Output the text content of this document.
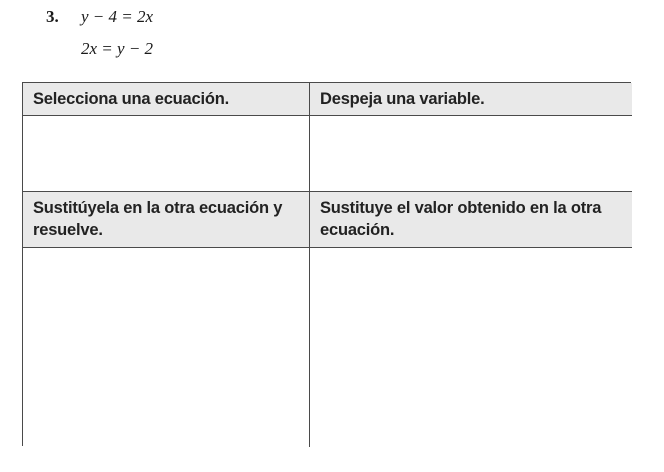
3. y − 4 = 2x
2x = y − 2
Selecciona una ecuación.	Despeja una variable.
Sustitúyela en la otra ecuación y resuelve.
Sustituye el valor obtenido en la otra ecuación.
